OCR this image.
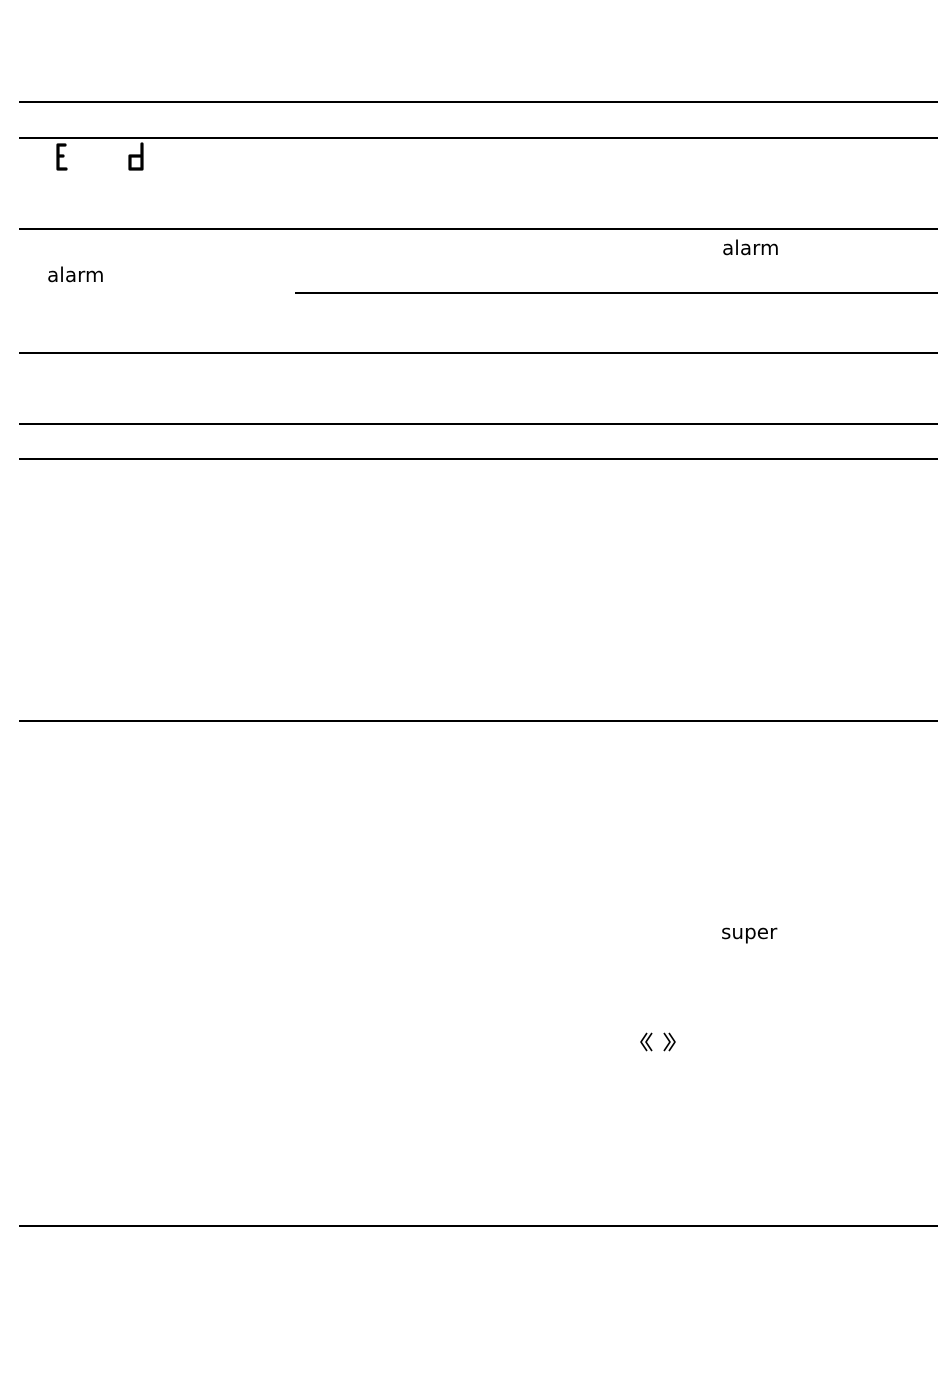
alarm
alarm
super
